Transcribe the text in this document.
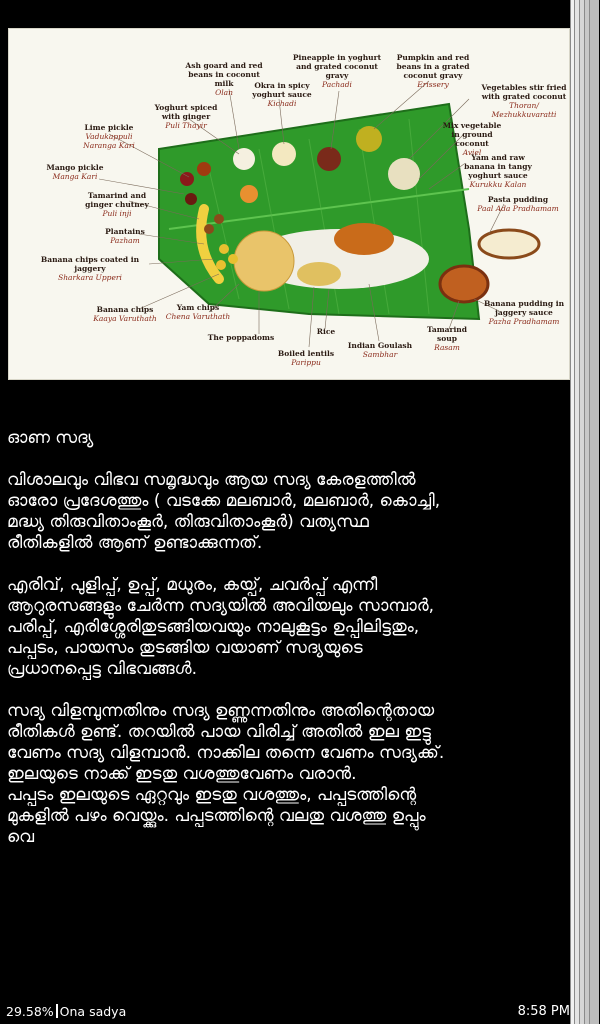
Ash goard and red beans in coconut milk
Olan
Okra in spicy yoghurt sauce
Kichadi
Pineapple in yoghurt and grated coconut gravy
Pachadi
Pumpkin and red beans in a grated coconut gravy
Erissery	Vegetables stir fried with grated coconut
Thoran/ Mezhukkuvaratti
Yoghurt spiced with ginger
Puli Thayir
Lime pickle
Vadukappuli Naranga Kari
Mix vegetable in ground coconut
Aviel
Mango pickle
Manga Kari
Yam and raw banana in tangy yoghurt sauce
Kurukku Kalan
Tamarind and ginger chutney
Puli inji
Pasta pudding
Paal Ada Pradhamam
Plantains
Pazham
Banana chips coated in jaggery
Sharkara Upperi
Banana chips
Kaaya Varuthath
Yam chips
Chena Varuthath
Banana pudding in jaggery sauce
Pazha Pradhamam
The poppadoms
Rice	Tamarind soup
Rasam
Indian Goulash
Sambhar
Boiled lentils
Parippu

ഓണ സദ്യ

വിശാലവും വിഭവ സമൃദ്ധവും ആയ സദ്യ കേരളത്തിൽ ഓരോ പ്രദേശത്തും ( വടക്കേ മലബാർ, മലബാർ, കൊച്ചി, മദ്ധ്യ തിരുവിതാംകൂർ, തിരുവിതാംകൂർ) വത്യസ്ഥ രീതികളിൽ ആണ് ഉണ്ടാക്കുന്നത്.

എരിവ്, പുളിപ്പ്, ഉപ്പ്, മധുരം, കയ്പ്, ചവർപ്പ് എന്നീ ആറുരസങ്ങളും ചേർന്ന സദ്യയിൽ അവിയലും സാമ്പാർ, പരിപ്പ്, എരിശ്ശേരിതുടങ്ങിയവയും നാലുകൂട്ടം ഉപ്പിലിട്ടതും, പപ്പടം, പായസം തുടങ്ങിയ വയാണ് സദ്യയുടെ പ്രധാനപ്പെട്ട വിഭവങ്ങൾ.

സദ്യ വിളമ്പുന്നതിനും സദ്യ ഉണ്ണുന്നതിനും അതിന്റെതായ രീതികൾ ഉണ്ട്. തറയിൽ പായ വിരിച്ച് അതിൽ ഇല ഇട്ടു വേണം സദ്യ വിളമ്പാൻ. നാക്കില തന്നെ വേണം സദ്യക്ക്. ഇലയുടെ നാക്ക് ഇടതു വശത്തുവേണം വരാൻ.

പപ്പടം ഇലയുടെ ഏറ്റവും ഇടതു വശത്തും, പപ്പടത്തിന്റെ മുകളിൽ പഴം വെയ്ക്കും. പപ്പടത്തിന്റെ വലതു വശത്തു ഉപ്പും വെ

29.58% Ona sadya	8:58 PM
